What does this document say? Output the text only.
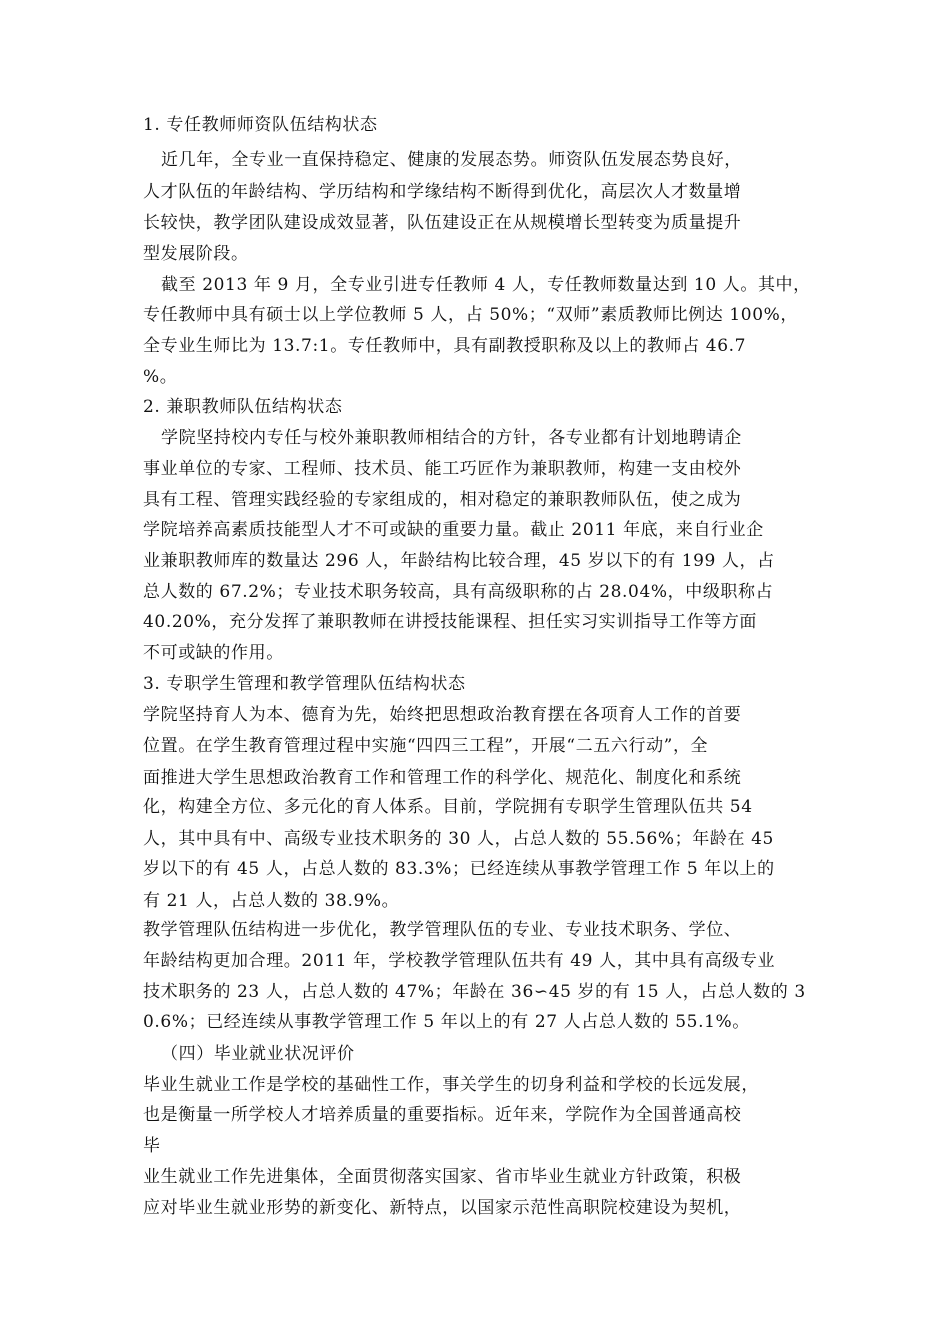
1. 专任教师师资队伍结构状态
近几年，全专业一直保持稳定、健康的发展态势。师资队伍发展态势良好，
人才队伍的年龄结构、学历结构和学缘结构不断得到优化，高层次人才数量增
长较快，教学团队建设成效显著，队伍建设正在从规模增长型转变为质量提升
型发展阶段。
截至 2013 年 9 月，全专业引进专任教师 4 人，专任教师数量达到 10 人。其中，
专任教师中具有硕士以上学位教师 5 人，占 50%；“双师”素质教师比例达 100%，
全专业生师比为 13.7:1。专任教师中，具有副教授职称及以上的教师占 46.7
%。
2. 兼职教师队伍结构状态
学院坚持校内专任与校外兼职教师相结合的方针，各专业都有计划地聘请企
事业单位的专家、工程师、技术员、能工巧匠作为兼职教师，构建一支由校外
具有工程、管理实践经验的专家组成的，相对稳定的兼职教师队伍，使之成为
学院培养高素质技能型人才不可或缺的重要力量。截止 2011 年底，来自行业企
业兼职教师库的数量达 296 人，年龄结构比较合理，45 岁以下的有 199 人，占
总人数的 67.2%；专业技术职务较高，具有高级职称的占 28.04%，中级职称占
40.20%，充分发挥了兼职教师在讲授技能课程、担任实习实训指导工作等方面
不可或缺的作用。
3. 专职学生管理和教学管理队伍结构状态
学院坚持育人为本、德育为先，始终把思想政治教育摆在各项育人工作的首要
位置。在学生教育管理过程中实施“四四三工程”，开展“二五六行动”，全
面推进大学生思想政治教育工作和管理工作的科学化、规范化、制度化和系统
化，构建全方位、多元化的育人体系。目前，学院拥有专职学生管理队伍共 54
人，其中具有中、高级专业技术职务的 30 人，占总人数的 55.56%；年龄在 45
岁以下的有 45 人，占总人数的 83.3%；已经连续从事教学管理工作 5 年以上的
有 21 人，占总人数的 38.9%。
教学管理队伍结构进一步优化，教学管理队伍的专业、专业技术职务、学位、
年龄结构更加合理。2011 年，学校教学管理队伍共有 49 人，其中具有高级专业
技术职务的 23 人，占总人数的 47%；年龄在 36∽45 岁的有 15 人，占总人数的 3
0.6%；已经连续从事教学管理工作 5 年以上的有 27 人占总人数的 55.1%。
（四）毕业就业状况评价
毕业生就业工作是学校的基础性工作，事关学生的切身利益和学校的长远发展，
也是衡量一所学校人才培养质量的重要指标。近年来，学院作为全国普通高校
毕
业生就业工作先进集体，全面贯彻落实国家、省市毕业生就业方针政策，积极
应对毕业生就业形势的新变化、新特点，以国家示范性高职院校建设为契机，
